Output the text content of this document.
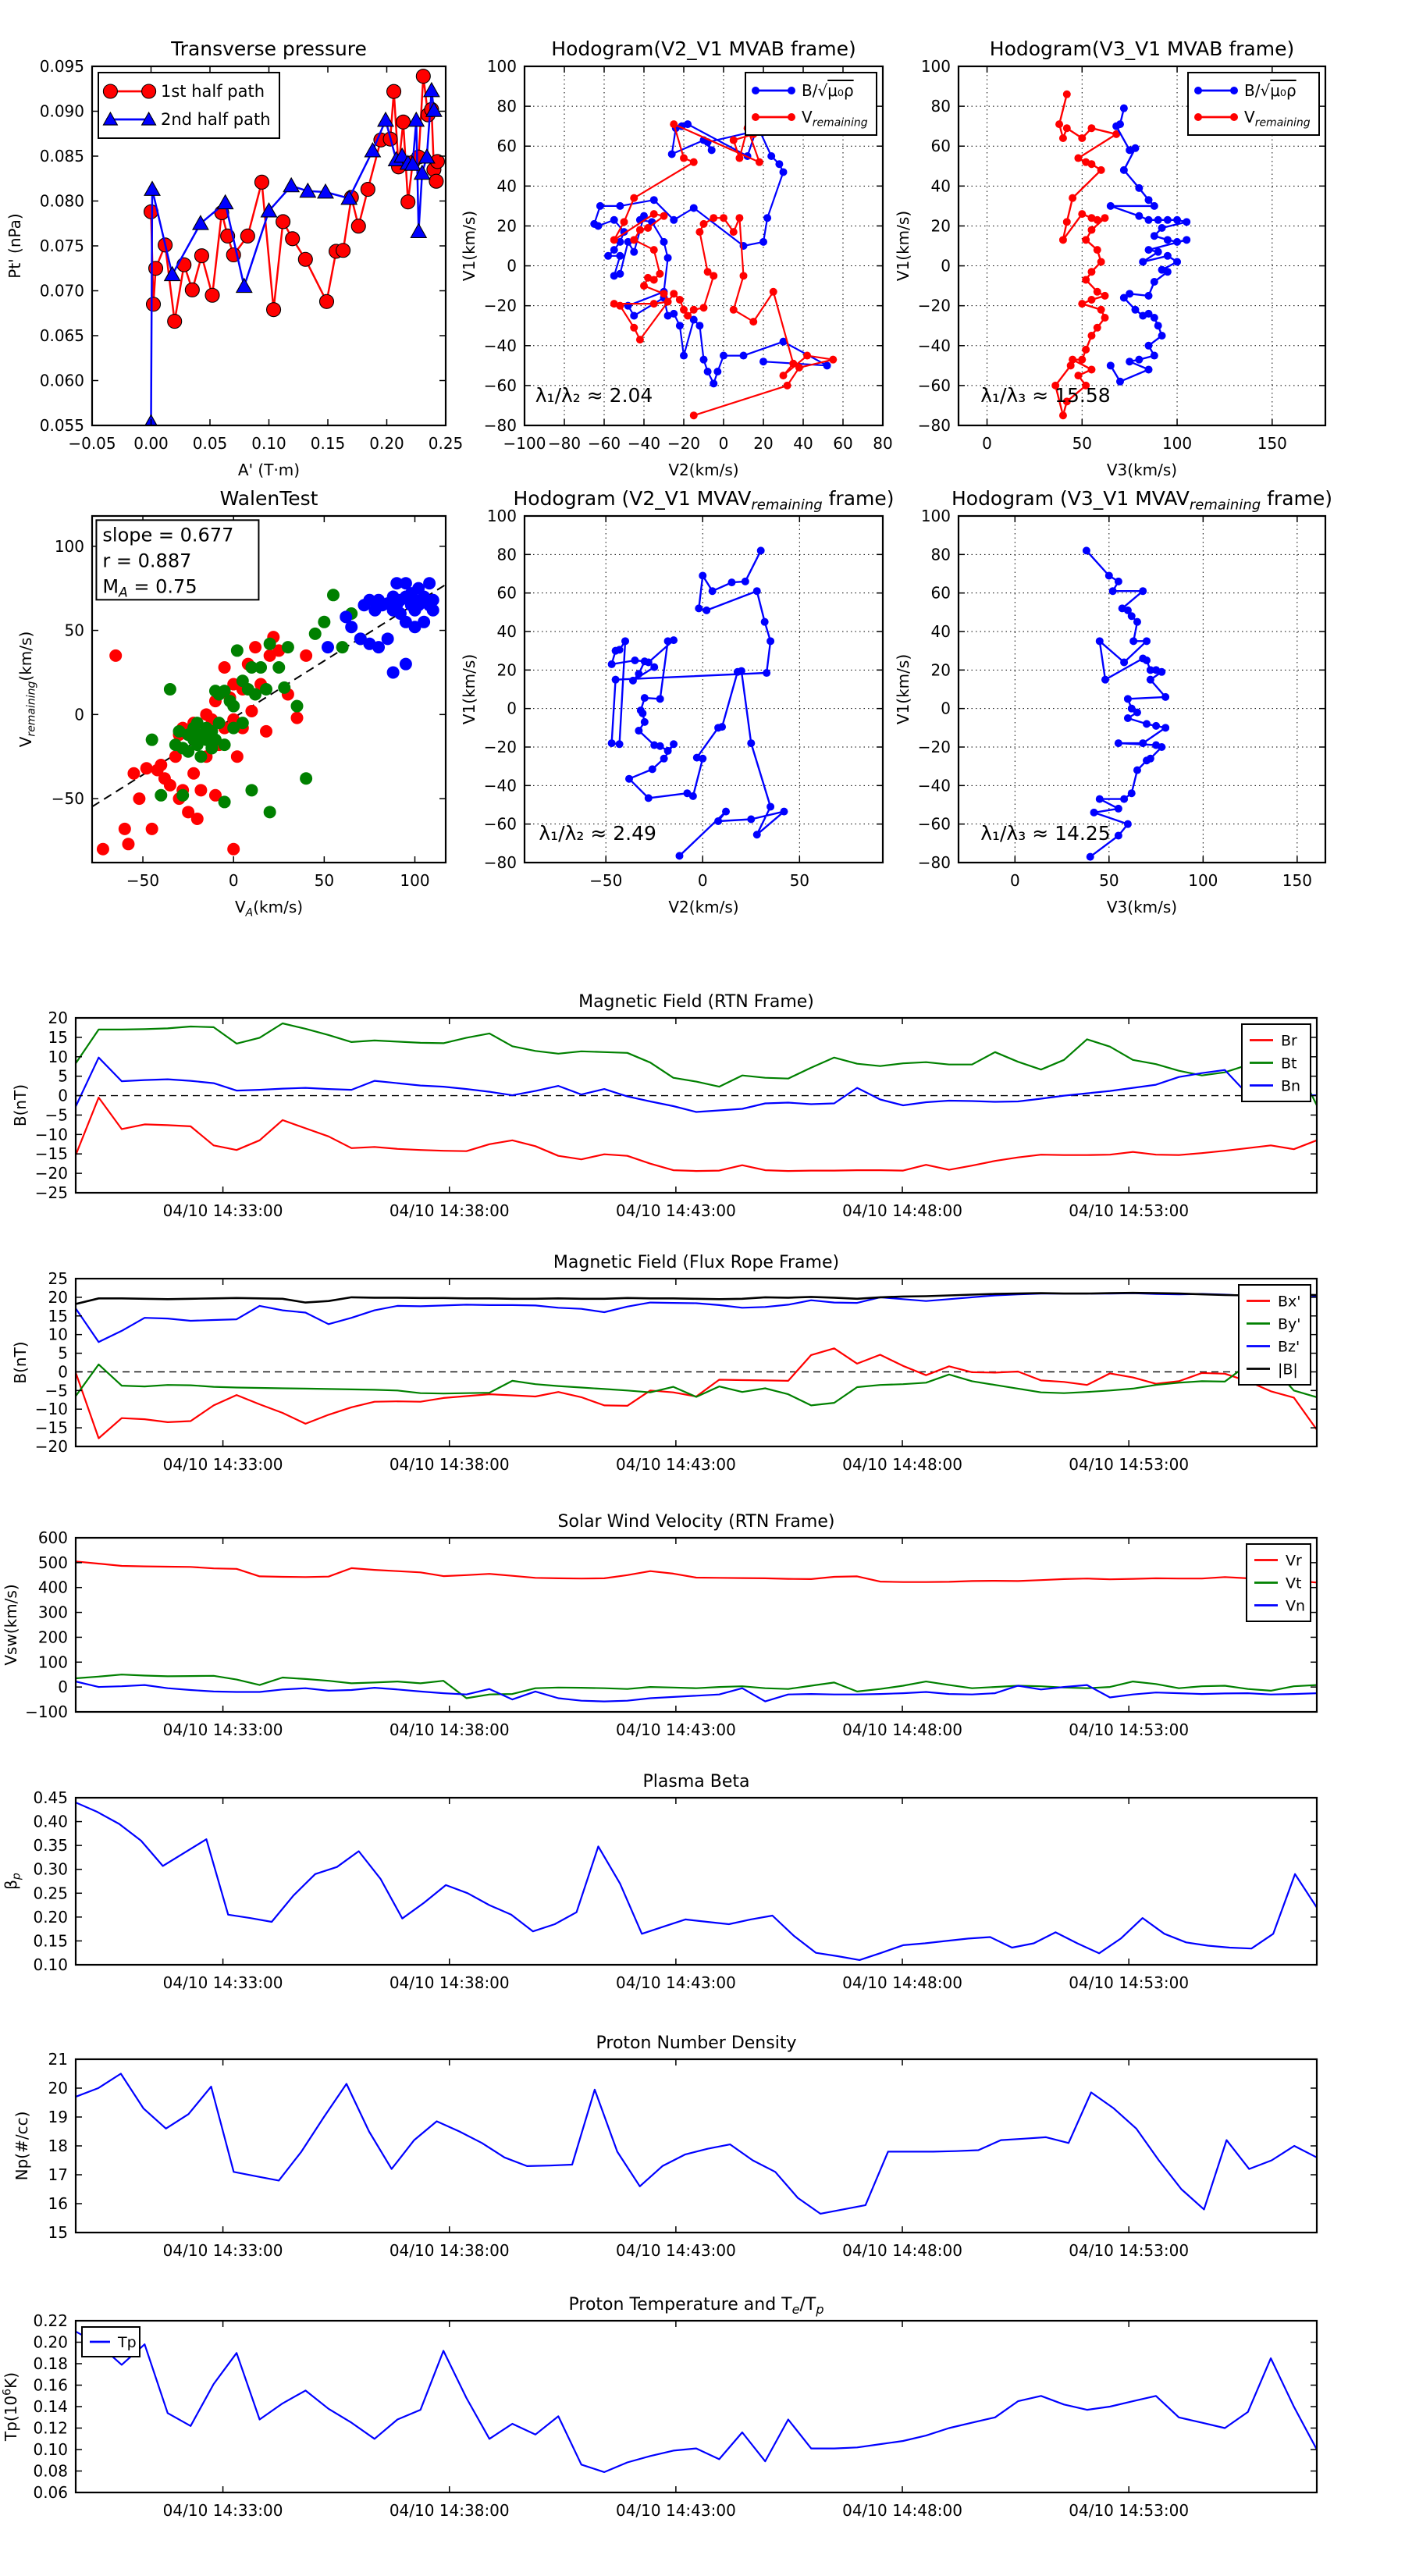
−0.05 0.00 0.05 0.10 0.15 0.20 0.25
0.055
0.060
0.065
0.070
0.075
0.080
0.085
0.090
0.095
Transverse pressure
A' (T·m)
Pt' (nPa)
1st half path
2nd half path
−100 −80 −60 −40 −20 0 20 40 60 80
−80
−60
−40
−20
0
20
40
60
80
100
Hodogram(V2_V1 MVAB frame)
V2(km/s)
V1(km/s)
λ₁/λ₂ ≈ 2.04
B/√μ₀ρ
$V_{remaining}$
0	50	100	150
−80
−60
−40
−20
0
20
40
60
80
100
Hodogram(V3_V1 MVAB frame)
V3(km/s)
V1(km/s)
λ₁/λ₃ ≈ 15.58
B/√μ₀ρ
$V_{remaining}$
−50	0	50	100
−50
0
50
100
WalenTest
$V_A(km/s)$
$V_{remaining}(km/s)$
slope = 0.677
r = 0.887
$M_A = 0.75$
−50	0	50
−80
−60
−40
−20
0
20
40
60
80
100
Hodogram (V2_V1 $MVAV_{remaining}$ frame)
V2(km/s)
V1(km/s)
λ₁/λ₂ ≈ 2.49
0	50	100	150
−80
−60
−40
−20
0
20
40
60
80
100
Hodogram (V3_V1 $MVAV_{remaining}$ frame)
V3(km/s)
V1(km/s)
λ₁/λ₃ ≈ 14.25
04/10 14:33:00	04/10 14:38:00	04/10 14:43:00	04/10 14:48:00	04/10 14:53:00
20
15
10
5
0
−5
−10
−15
−20
−25
Magnetic Field (RTN Frame)
B(nT)
Br
Bt
Bn
04/10 14:33:00	04/10 14:38:00	04/10 14:43:00	04/10 14:48:00	04/10 14:53:00
25
20
15
10
5
0
−5
−10
−15
−20
Magnetic Field (Flux Rope Frame)
B(nT)
Bx'
By'
Bz'
|B|
04/10 14:33:00	04/10 14:38:00	04/10 14:43:00	04/10 14:48:00	04/10 14:53:00
600
500
400
300
200
100
0
−100
Solar Wind Velocity (RTN Frame)
Vsw(km/s)
Vr
Vt
Vn
04/10 14:33:00	04/10 14:38:00	04/10 14:43:00	04/10 14:48:00	04/10 14:53:00
0.45
0.40
0.35
0.30
0.25
0.20
0.15
0.10
Plasma Beta
$\beta_p$
04/10 14:33:00	04/10 14:38:00	04/10 14:43:00	04/10 14:48:00	04/10 14:53:00
21
20
19
18
17
16
15
Proton Number Density
Np(#/cc)
04/10 14:33:00	04/10 14:38:00	04/10 14:43:00	04/10 14:48:00	04/10 14:53:00
0.22
0.20
0.18
0.16
0.14
0.12
0.10
0.08
0.06
Proton Temperature and $T_e/T_p$
$Tp(10^6K)$
Tp
